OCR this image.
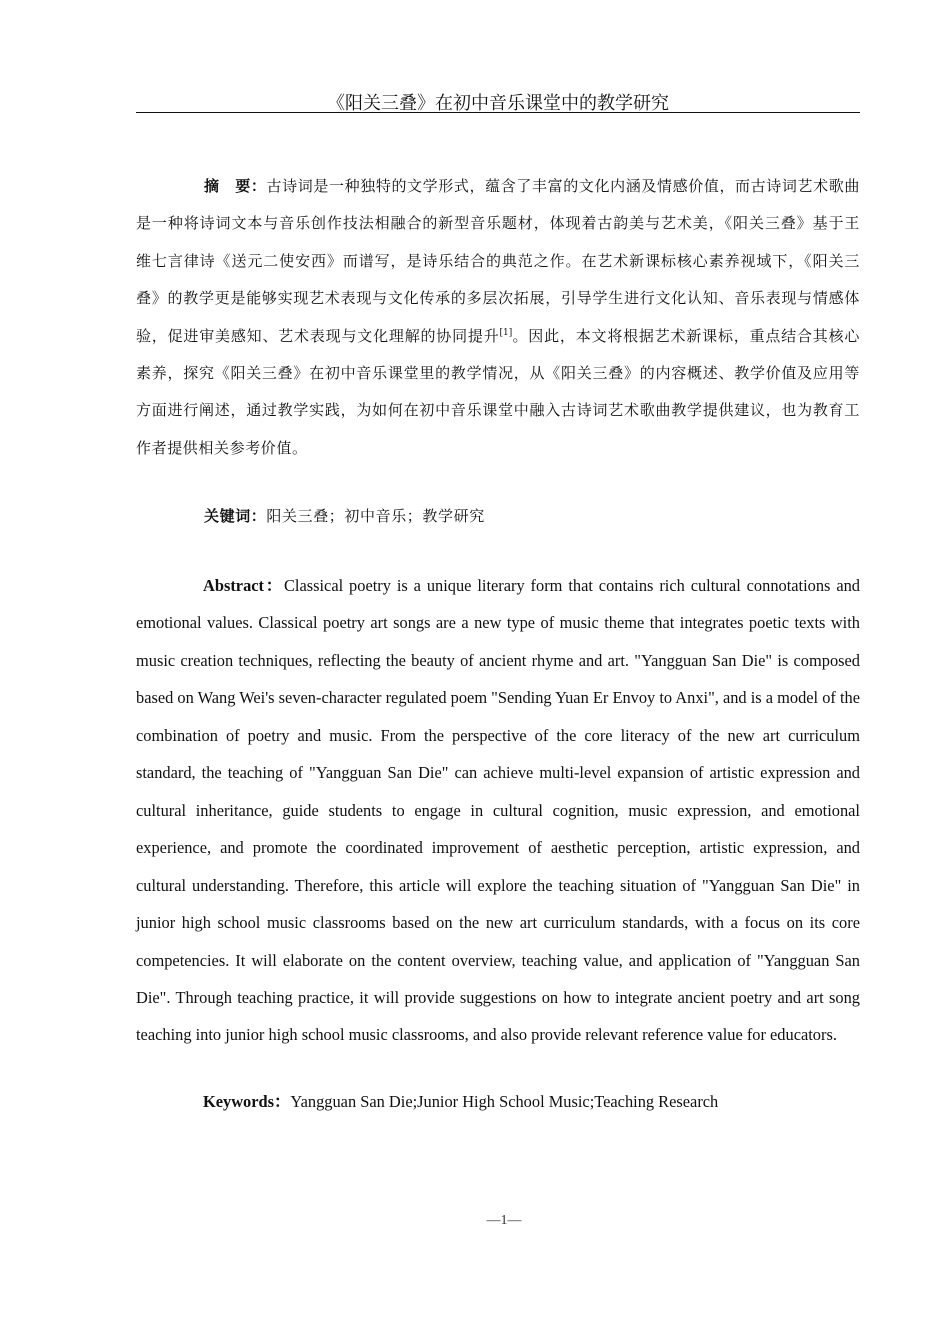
《阳关三叠》在初中音乐课堂中的教学研究

摘　要：古诗词是一种独特的文学形式，蕴含了丰富的文化内涵及情感价值，而古诗词艺术歌曲是一种将诗词文本与音乐创作技法相融合的新型音乐题材，体现着古韵美与艺术美，《阳关三叠》基于王维七言律诗《送元二使安西》而谱写，是诗乐结合的典范之作。在艺术新课标核心素养视域下，《阳关三叠》的教学更是能够实现艺术表现与文化传承的多层次拓展，引导学生进行文化认知、音乐表现与情感体验，促进审美感知、艺术表现与文化理解的协同提升[1]。因此，本文将根据艺术新课标，重点结合其核心素养，探究《阳关三叠》在初中音乐课堂里的教学情况，从《阳关三叠》的内容概述、教学价值及应用等方面进行阐述，通过教学实践，为如何在初中音乐课堂中融入古诗词艺术歌曲教学提供建议，也为教育工作者提供相关参考价值。

关键词：阳关三叠；初中音乐；教学研究

Abstract：Classical poetry is a unique literary form that contains rich cultural connotations and emotional values. Classical poetry art songs are a new type of music theme that integrates poetic texts with music creation techniques, reflecting the beauty of ancient rhyme and art. "Yangguan San Die" is composed based on Wang Wei's seven-character regulated poem "Sending Yuan Er Envoy to Anxi", and is a model of the combination of poetry and music. From the perspective of the core literacy of the new art curriculum standard, the teaching of "Yangguan San Die" can achieve multi-level expansion of artistic expression and cultural inheritance, guide students to engage in cultural cognition, music expression, and emotional experience, and promote the coordinated improvement of aesthetic perception, artistic expression, and cultural understanding. Therefore, this article will explore the teaching situation of "Yangguan San Die" in junior high school music classrooms based on the new art curriculum standards, with a focus on its core competencies. It will elaborate on the content overview, teaching value, and application of "Yangguan San Die". Through teaching practice, it will provide suggestions on how to integrate ancient poetry and art song teaching into junior high school music classrooms, and also provide relevant reference value for educators.

Keywords：Yangguan San Die;Junior High School Music;Teaching Research

—1—
